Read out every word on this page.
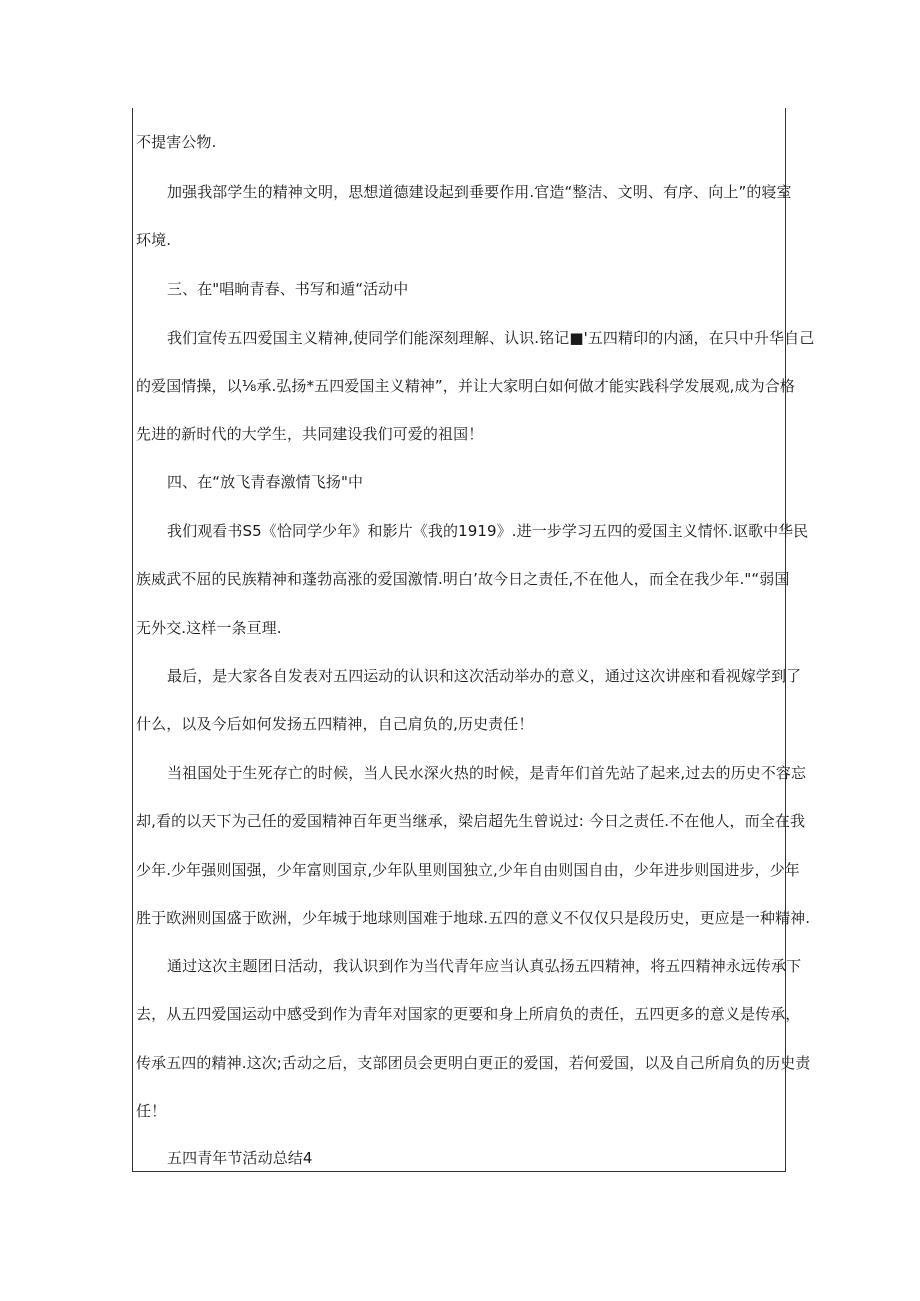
不提害公物.
加强我部学生的精神文明，思想道德建设起到垂要作用.官造“整洁、文明、有序、向上”的寝室
环境.
三、在"唱晌青春、书写和遁“活动中
我们宣传五四爱国主义精神,使同学们能深刻理解、认识.铭记■'五四精印的内涵，在只中升华自己
的爱国情操，以⅛承.弘扬*五四爱国主义精神”，并让大家明白如何做才能实践科学发展观,成为合格
先进的新时代的大学生，共同建设我们可爱的祖国！
四、在“放飞青春激情飞扬"中
我们观看书S5《恰同学少年》和影片《我的1919》.进一步学习五四的爱国主义情怀.讴歌中华民
族威武不屈的民族精神和蓬勃高涨的爱国激情.明白’故今日之责任,不在他人，而全在我少年."“弱国
无外交.这样一条亘理.
最后，是大家各自发表对五四运动的认识和这次活动举办的意义，通过这次讲座和看视嫁学到了
什么，以及今后如何发扬五四精神，自己肩负的,历史责任！
当祖国处于生死存亡的时候，当人民水深火热的时候，是青年们首先站了起来,过去的历史不容忘
却,看的以天下为己任的爱国精神百年更当继承，梁启超先生曾说过: 今日之责任.不在他人，而全在我
少年.少年强则国强，少年富则国京,少年队里则国独立,少年自由则国自由，少年进步则国进步，少年
胜于欧洲则国盛于欧洲，少年城于地球则国难于地球.五四的意义不仅仅只是段历史，更应是一种精神.
通过这次主题团日活动，我认识到作为当代青年应当认真弘扬五四精神，将五四精神永远传承下
去，从五四爱国运动中感受到作为青年对国家的更要和身上所肩负的责任，五四更多的意义是传承，
传承五四的精神.这次;舌动之后，支部团员会更明白更正的爱国，若何爱国，以及自己所肩负的历史责
任！
五四青年节活动总结4
